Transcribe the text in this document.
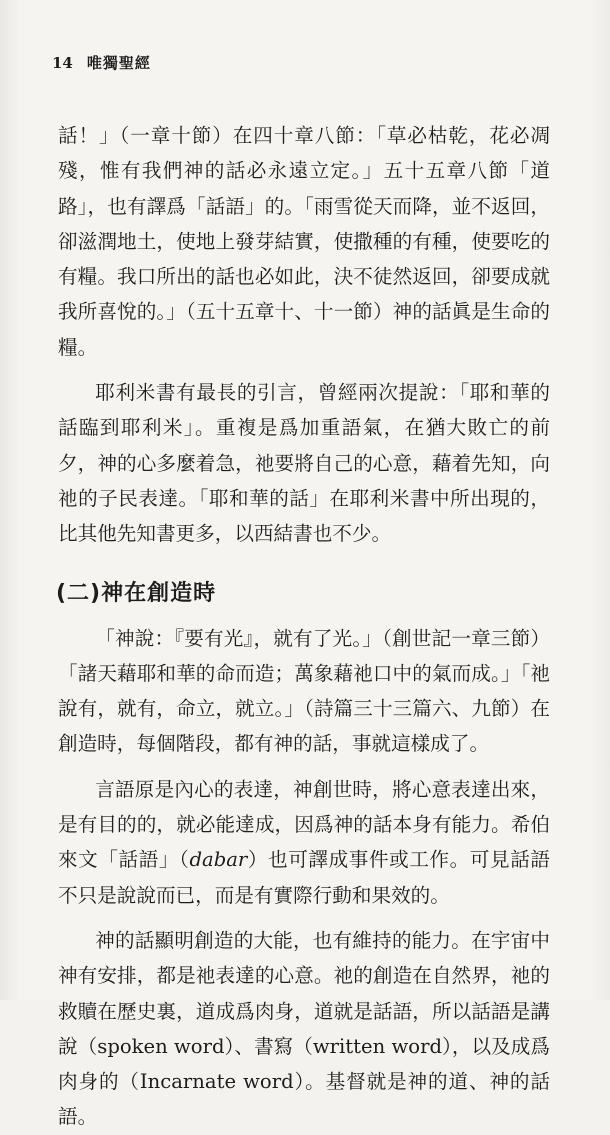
14 唯獨聖經

話！」（一章十節）在四十章八節：「草必枯乾，花必凋殘，惟有我們神的話必永遠立定。」五十五章八節「道路」，也有譯爲「話語」的。「雨雪從天而降，並不返回，卻滋潤地土，使地上發芽結實，使撒種的有種，使要吃的有糧。我口所出的話也必如此，決不徒然返回，卻要成就我所喜悅的。」（五十五章十、十一節）神的話眞是生命的糧。

耶利米書有最長的引言，曾經兩次提說：「耶和華的話臨到耶利米」。重複是爲加重語氣，在猶大敗亡的前夕，神的心多麼着急，祂要將自己的心意，藉着先知，向祂的子民表達。「耶和華的話」在耶利米書中所出現的，比其他先知書更多，以西結書也不少。

(二)神在創造時

「神說：『要有光』，就有了光。」（創世記一章三節）「諸天藉耶和華的命而造；萬象藉祂口中的氣而成。」「祂說有，就有，命立，就立。」（詩篇三十三篇六、九節）在創造時，每個階段，都有神的話，事就這樣成了。

言語原是內心的表達，神創世時，將心意表達出來，是有目的的，就必能達成，因爲神的話本身有能力。希伯來文「話語」（dabar）也可譯成事件或工作。可見話語不只是說說而已，而是有實際行動和果效的。

神的話顯明創造的大能，也有維持的能力。在宇宙中神有安排，都是祂表達的心意。祂的創造在自然界，祂的救贖在歷史裏，道成爲肉身，道就是話語，所以話語是講說（spoken word）、書寫（written word），以及成爲肉身的（Incarnate word）。基督就是神的道、神的話語。
